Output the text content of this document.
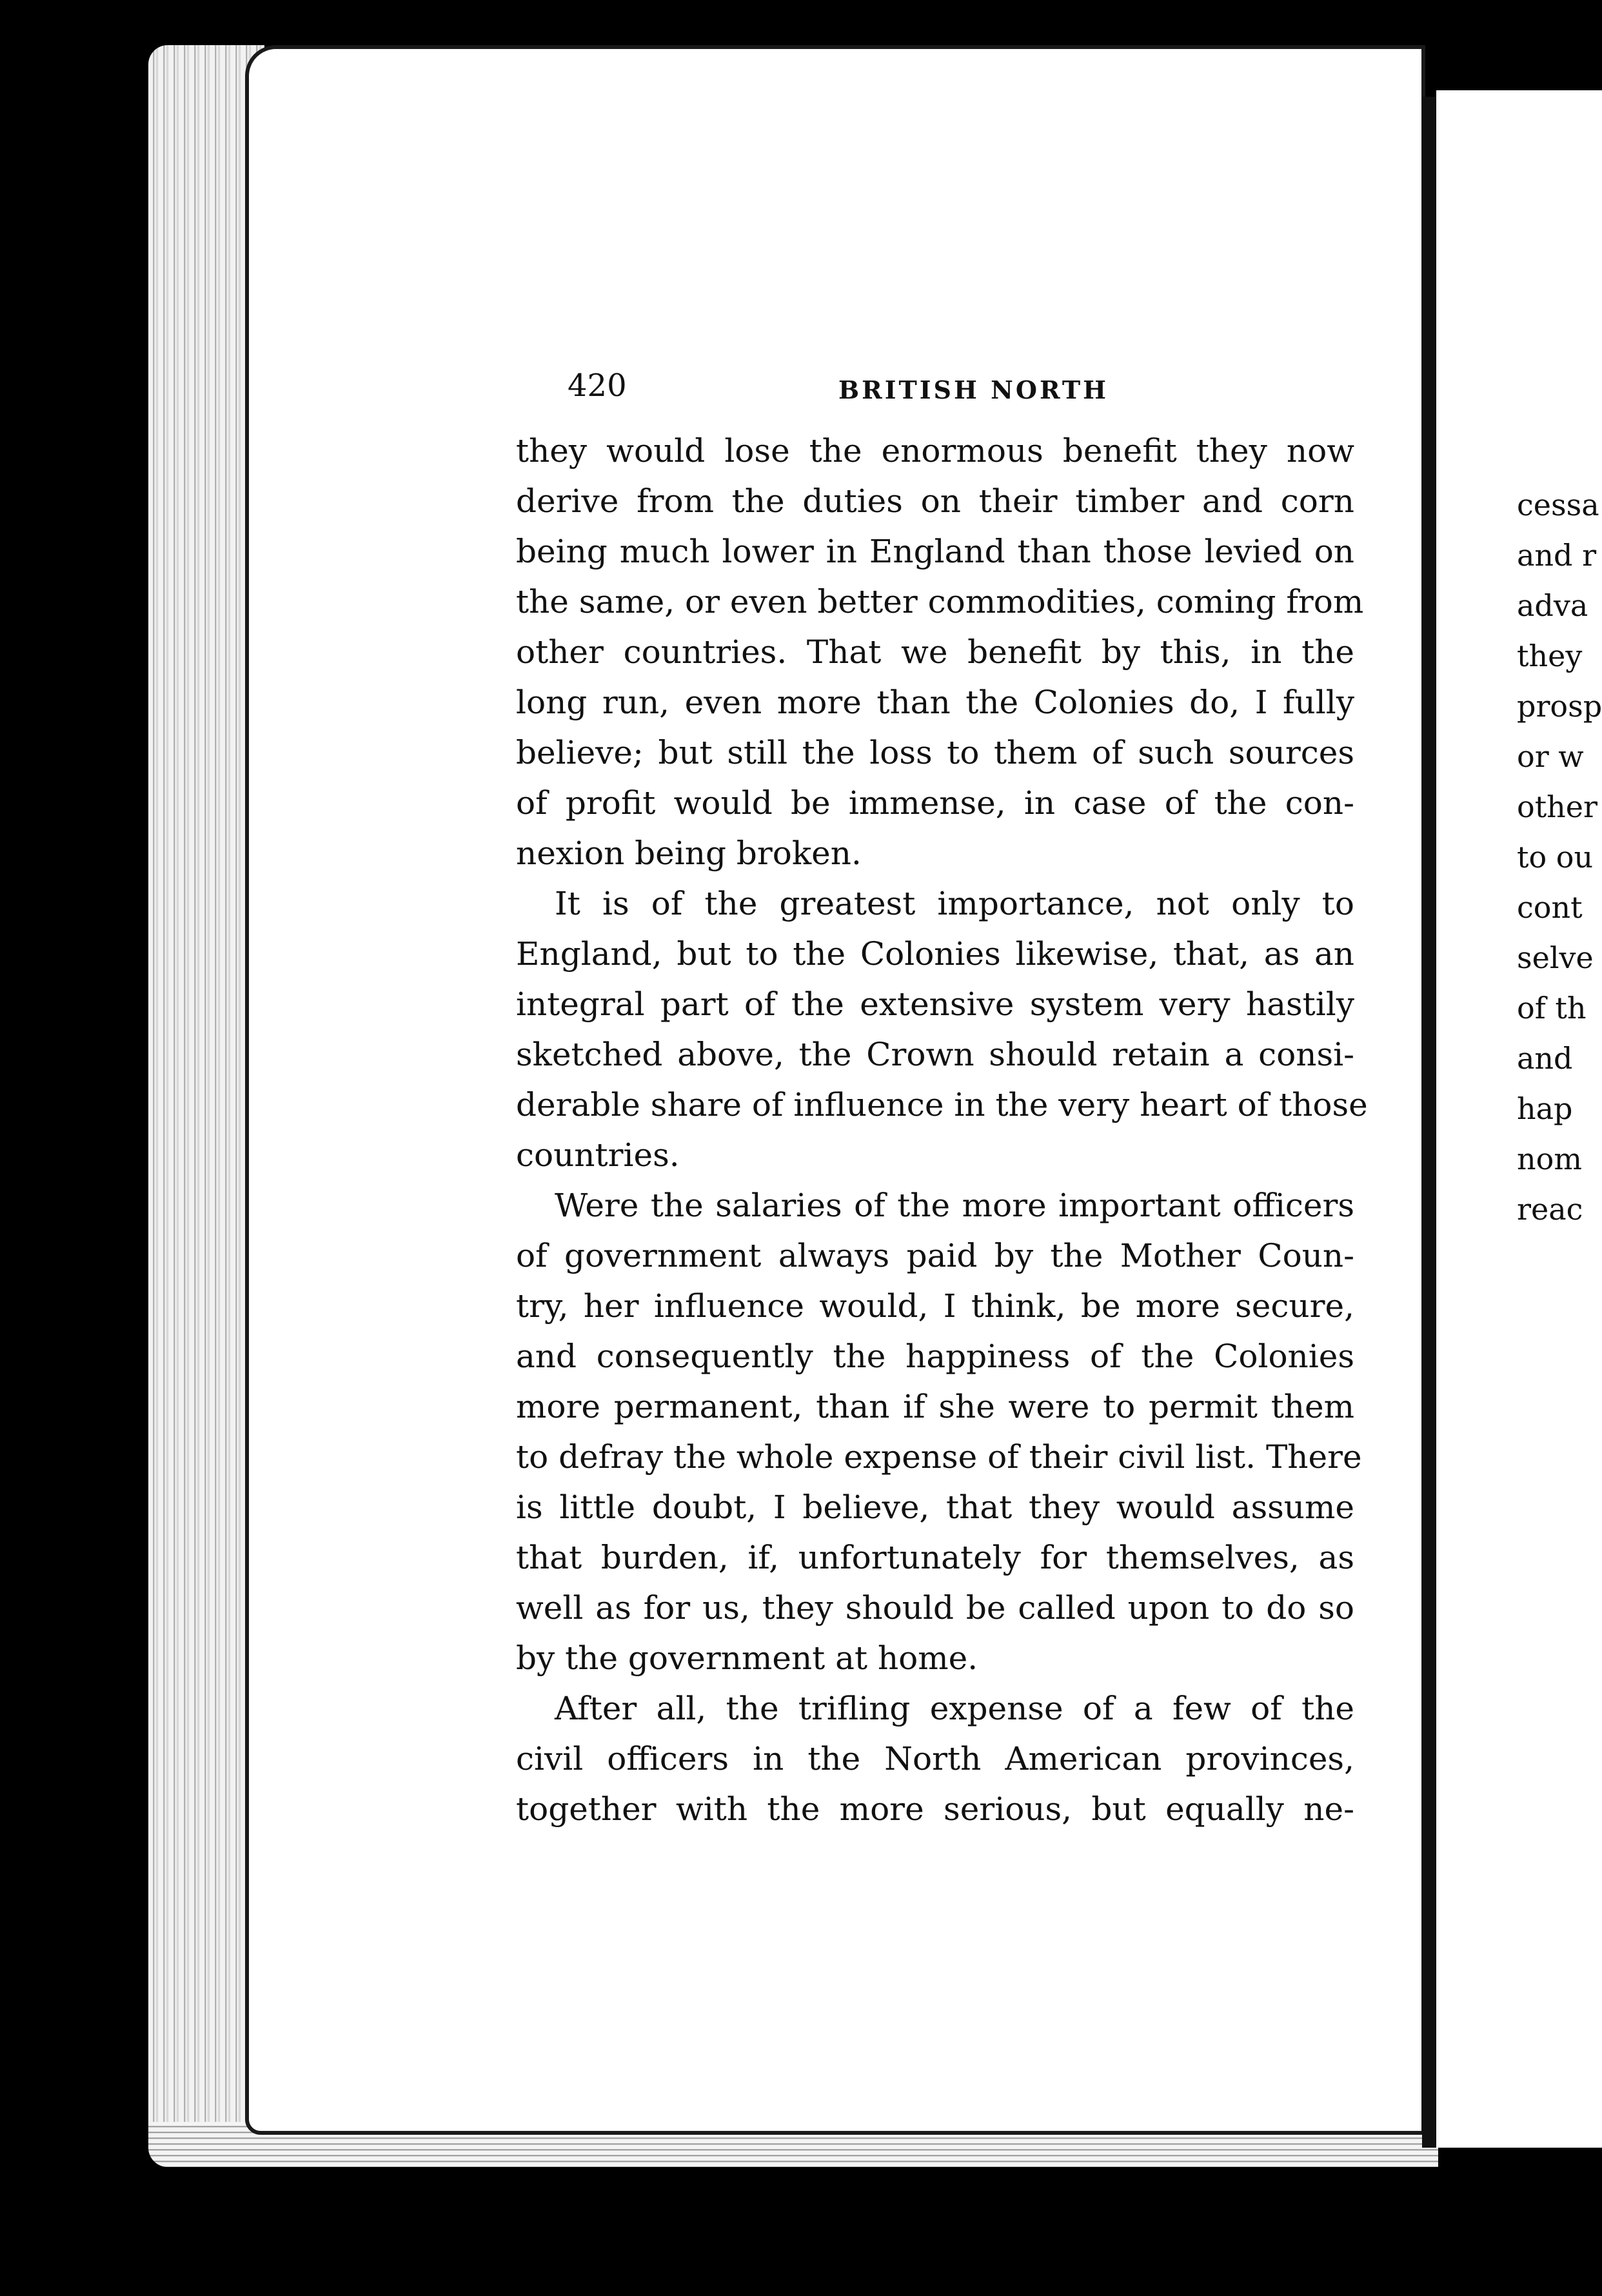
420	BRITISH NORTH
they would lose the enormous benefit they now
derive from the duties on their timber and corn
being much lower in England than those levied on
the same, or even better commodities, coming from
other countries. That we benefit by this, in the
long run, even more than the Colonies do, I fully
believe; but still the loss to them of such sources
of profit would be immense, in case of the con-
nexion being broken.
It is of the greatest importance, not only to
England, but to the Colonies likewise, that, as an
integral part of the extensive system very hastily
sketched above, the Crown should retain a consi-
derable share of influence in the very heart of those
countries.
Were the salaries of the more important officers
of government always paid by the Mother Coun-
try, her influence would, I think, be more secure,
and consequently the happiness of the Colonies
more permanent, than if she were to permit them
to defray the whole expense of their civil list. There
is little doubt, I believe, that they would assume
that burden, if, unfortunately for themselves, as
well as for us, they should be called upon to do so
by the government at home.
After all, the trifling expense of a few of the
civil officers in the North American provinces,
together with the more serious, but equally ne-
cessa
and r
adva
they
prosp
or w
other
to ou
cont
selve
of th
and
hap
nom
reac
